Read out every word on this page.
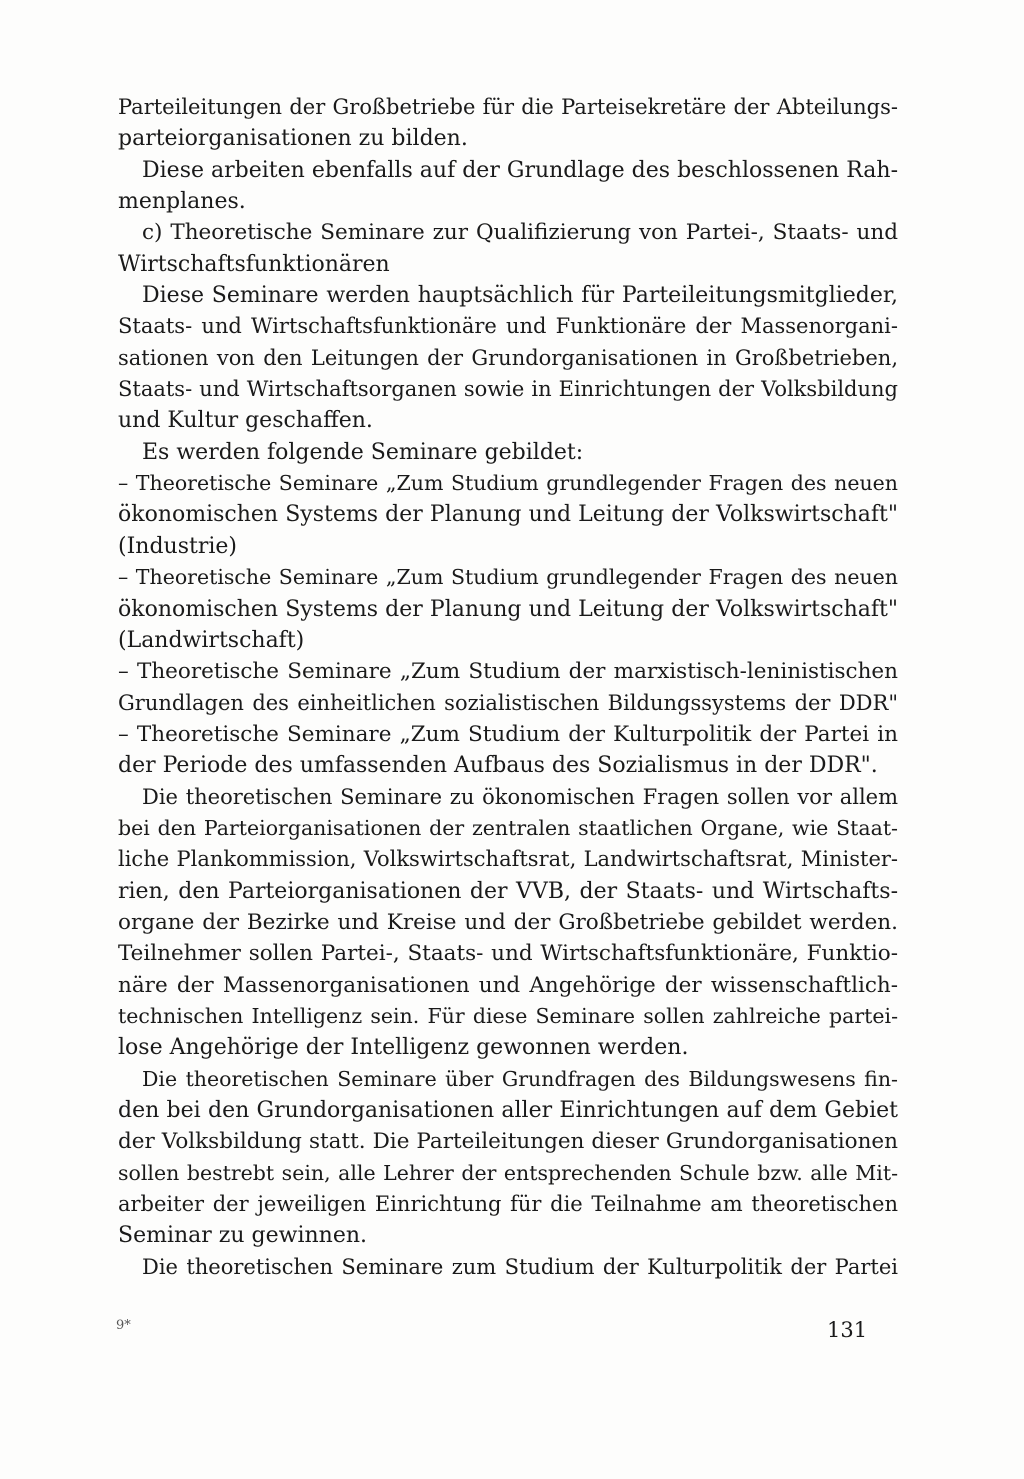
Parteileitungen der Großbetriebe für die Parteisekretäre der Abteilungs-
parteiorganisationen zu bilden.
Diese arbeiten ebenfalls auf der Grundlage des beschlossenen Rah-
menplanes.
c) Theoretische Seminare zur Qualifizierung von Partei-, Staats- und
Wirtschaftsfunktionären
Diese Seminare werden hauptsächlich für Parteileitungsmitglieder,
Staats- und Wirtschaftsfunktionäre und Funktionäre der Massenorgani-
sationen von den Leitungen der Grundorganisationen in Großbetrieben,
Staats- und Wirtschaftsorganen sowie in Einrichtungen der Volksbildung
und Kultur geschaffen.
Es werden folgende Seminare gebildet:
– Theoretische Seminare „Zum Studium grundlegender Fragen des neuen
ökonomischen Systems der Planung und Leitung der Volkswirtschaft"
(Industrie)
– Theoretische Seminare „Zum Studium grundlegender Fragen des neuen
ökonomischen Systems der Planung und Leitung der Volkswirtschaft"
(Landwirtschaft)
– Theoretische Seminare „Zum Studium der marxistisch-leninistischen
Grundlagen des einheitlichen sozialistischen Bildungssystems der DDR"
– Theoretische Seminare „Zum Studium der Kulturpolitik der Partei in
der Periode des umfassenden Aufbaus des Sozialismus in der DDR".
Die theoretischen Seminare zu ökonomischen Fragen sollen vor allem
bei den Parteiorganisationen der zentralen staatlichen Organe, wie Staat-
liche Plankommission, Volkswirtschaftsrat, Landwirtschaftsrat, Minister-
rien, den Parteiorganisationen der VVB, der Staats- und Wirtschafts-
organe der Bezirke und Kreise und der Großbetriebe gebildet werden.
Teilnehmer sollen Partei-, Staats- und Wirtschaftsfunktionäre, Funktio-
näre der Massenorganisationen und Angehörige der wissenschaftlich-
technischen Intelligenz sein. Für diese Seminare sollen zahlreiche partei-
lose Angehörige der Intelligenz gewonnen werden.
Die theoretischen Seminare über Grundfragen des Bildungswesens fin-
den bei den Grundorganisationen aller Einrichtungen auf dem Gebiet
der Volksbildung statt. Die Parteileitungen dieser Grundorganisationen
sollen bestrebt sein, alle Lehrer der entsprechenden Schule bzw. alle Mit-
arbeiter der jeweiligen Einrichtung für die Teilnahme am theoretischen
Seminar zu gewinnen.
Die theoretischen Seminare zum Studium der Kulturpolitik der Partei
9*	131
